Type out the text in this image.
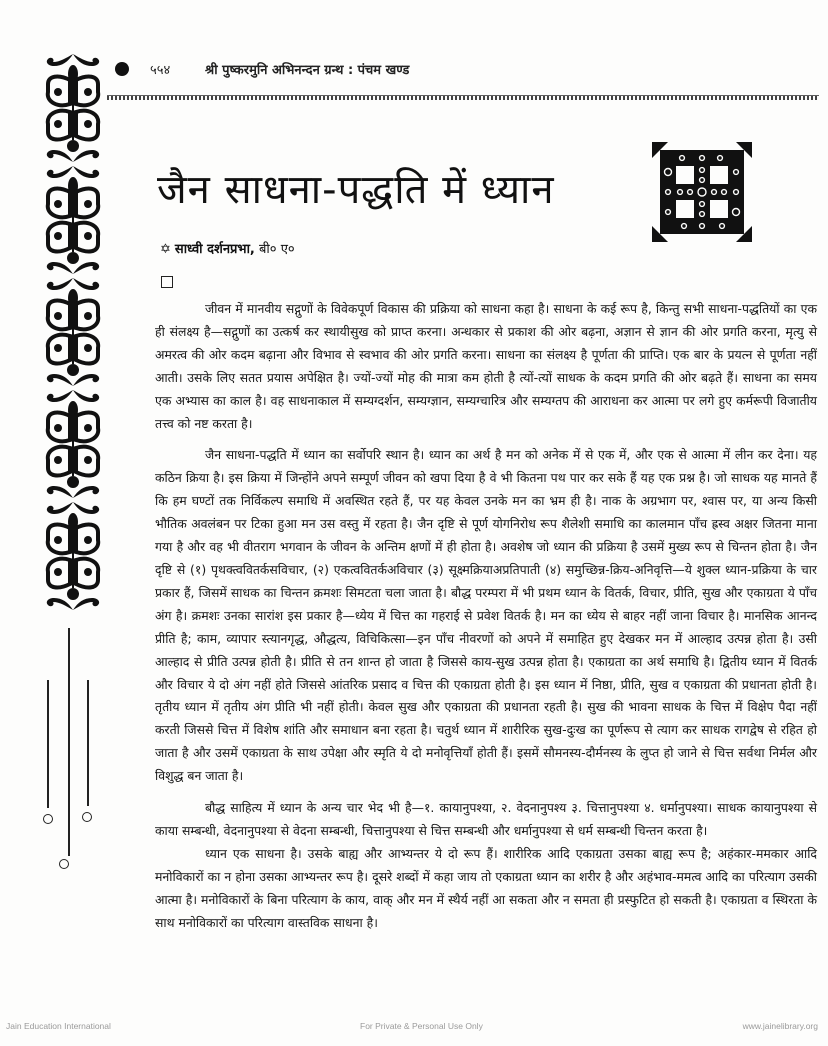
५५४	श्री पुष्करमुनि अभिनन्दन ग्रन्थ : पंचम खण्ड
जैन साधना-पद्धति में ध्यान
✡ साध्वी दर्शनप्रभा, बी० ए०

जीवन में मानवीय सद्गुणों के विवेकपूर्ण विकास की प्रक्रिया को साधना कहा है। साधना के कई रूप है, किन्तु सभी साधना-पद्धतियों का एक ही संलक्ष्य है—सद्गुणों का उत्कर्ष कर स्थायीसुख को प्राप्त करना। अन्धकार से प्रकाश की ओर बढ़ना, अज्ञान से ज्ञान की ओर प्रगति करना, मृत्यु से अमरत्व की ओर कदम बढ़ाना और विभाव से स्वभाव की ओर प्रगति करना। साधना का संलक्ष्य है पूर्णता की प्राप्ति। एक बार के प्रयत्न से पूर्णता नहीं आती। उसके लिए सतत प्रयास अपेक्षित है। ज्यों-ज्यों मोह की मात्रा कम होती है त्यों-त्यों साधक के कदम प्रगति की ओर बढ़ते हैं। साधना का समय एक अभ्यास का काल है। वह साधनाकाल में सम्यग्दर्शन, सम्यग्ज्ञान, सम्यग्चारित्र और सम्यग्तप की आराधना कर आत्मा पर लगे हुए कर्मरूपी विजातीय तत्त्व को नष्ट करता है।

जैन साधना-पद्धति में ध्यान का सर्वोपरि स्थान है। ध्यान का अर्थ है मन को अनेक में से एक में, और एक से आत्मा में लीन कर देना। यह कठिन क्रिया है। इस क्रिया में जिन्होंने अपने सम्पूर्ण जीवन को खपा दिया है वे भी कितना पथ पार कर सके हैं यह एक प्रश्न है। जो साधक यह मानते हैं कि हम घण्टों तक निर्विकल्प समाधि में अवस्थित रहते हैं, पर यह केवल उनके मन का भ्रम ही है। नाक के अग्रभाग पर, श्वास पर, या अन्य किसी भौतिक अवलंबन पर टिका हुआ मन उस वस्तु में रहता है। जैन दृष्टि से पूर्ण योगनिरोध रूप शैलेशी समाधि का कालमान पाँच ह्रस्व अक्षर जितना माना गया है और वह भी वीतराग भगवान के जीवन के अन्तिम क्षणों में ही होता है। अवशेष जो ध्यान की प्रक्रिया है उसमें मुख्य रूप से चिन्तन होता है। जैन दृष्टि से (१) पृथक्त्ववितर्कसविचार, (२) एकत्ववितर्कअविचार (३) सूक्ष्मक्रियाअप्रतिपाती (४) समुच्छिन्न-क्रिय-अनिवृत्ति—ये शुक्ल ध्यान-प्रक्रिया के चार प्रकार हैं, जिसमें साधक का चिन्तन क्रमशः सिमटता चला जाता है। बौद्ध परम्परा में भी प्रथम ध्यान के वितर्क, विचार, प्रीति, सुख और एकाग्रता ये पाँच अंग है। क्रमशः उनका सारांश इस प्रकार है—ध्येय में चित्त का गहराई से प्रवेश वितर्क है। मन का ध्येय से बाहर नहीं जाना विचार है। मानसिक आनन्द प्रीति है; काम, व्यापार स्त्यानगृद्ध, औद्धत्य, विचिकित्सा—इन पाँच नीवरणों को अपने में समाहित हुए देखकर मन में आल्हाद उत्पन्न होता है। उसी आल्हाद से प्रीति उत्पन्न होती है। प्रीति से तन शान्त हो जाता है जिससे काय-सुख उत्पन्न होता है। एकाग्रता का अर्थ समाधि है। द्वितीय ध्यान में वितर्क और विचार ये दो अंग नहीं होते जिससे आंतरिक प्रसाद व चित्त की एकाग्रता होती है। इस ध्यान में निष्ठा, प्रीति, सुख व एकाग्रता की प्रधानता होती है। तृतीय ध्यान में तृतीय अंग प्रीति भी नहीं होती। केवल सुख और एकाग्रता की प्रधानता रहती है। सुख की भावना साधक के चित्त में विक्षेप पैदा नहीं करती जिससे चित्त में विशेष शांति और समाधान बना रहता है। चतुर्थ ध्यान में शारीरिक सुख-दुःख का पूर्णरूप से त्याग कर साधक रागद्वेष से रहित हो जाता है और उसमें एकाग्रता के साथ उपेक्षा और स्मृति ये दो मनोवृत्तियाँ होती हैं। इसमें सौमनस्य-दौर्मनस्य के लुप्त हो जाने से चित्त सर्वथा निर्मल और विशुद्ध बन जाता है।

बौद्ध साहित्य में ध्यान के अन्य चार भेद भी है—१. कायानुपश्या, २. वेदनानुपश्य ३. चित्तानुपश्या ४. धर्मानुपश्या। साधक कायानुपश्या से काया सम्बन्धी, वेदनानुपश्या से वेदना सम्बन्धी, चित्तानुपश्या से चित्त सम्बन्धी और धर्मानुपश्या से धर्म सम्बन्धी चिन्तन करता है।

ध्यान एक साधना है। उसके बाह्य और आभ्यन्तर ये दो रूप हैं। शारीरिक आदि एकाग्रता उसका बाह्य रूप है; अहंकार-ममकार आदि मनोविकारों का न होना उसका आभ्यन्तर रूप है। दूसरे शब्दों में कहा जाय तो एकाग्रता ध्यान का शरीर है और अहंभाव-ममत्व आदि का परित्याग उसकी आत्मा है। मनोविकारों के बिना परित्याग के काय, वाक् और मन में स्थैर्य नहीं आ सकता और न समता ही प्रस्फुटित हो सकती है। एकाग्रता व स्थिरता के साथ मनोविकारों का परित्याग वास्तविक साधना है।

Jain Education International	For Private & Personal Use Only	www.jainelibrary.org
